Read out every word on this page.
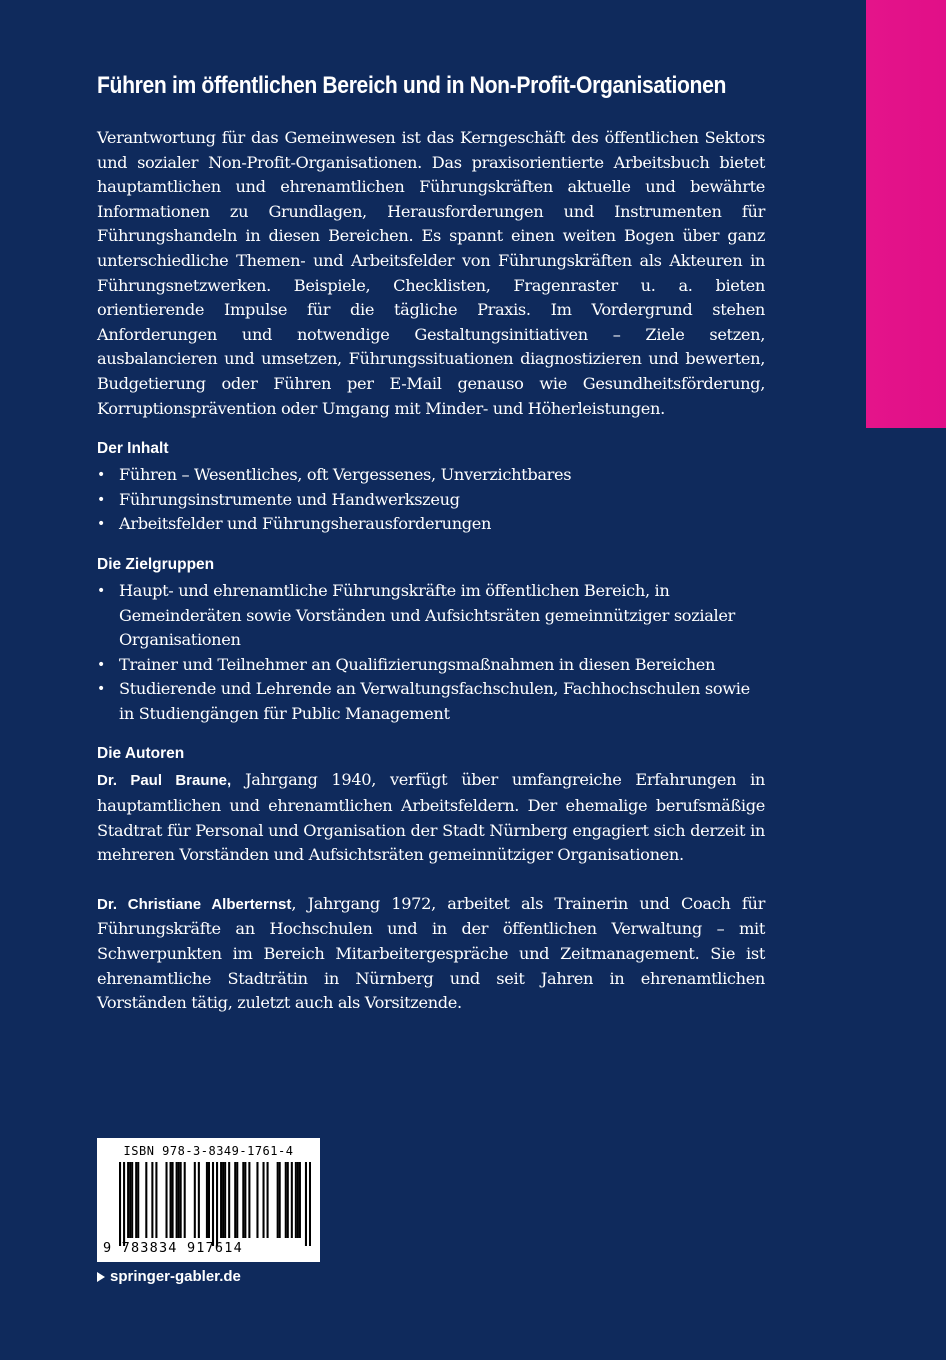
Führen im öffentlichen Bereich und in Non-Profit-Organisationen

Verantwortung für das Gemeinwesen ist das Kerngeschäft des öffentlichen Sektors und sozialer Non-Profit-Organisationen. Das praxisorientierte Arbeitsbuch bietet hauptamtlichen und ehrenamtlichen Führungskräften aktuelle und bewährte Informationen zu Grundlagen, Herausforderungen und Instrumenten für Führungshandeln in diesen Bereichen. Es spannt einen weiten Bogen über ganz unterschiedliche Themen- und Arbeitsfelder von Führungskräften als Akteuren in Führungsnetzwerken. Beispiele, Checklisten, Fragenraster u. a. bieten orientierende Impulse für die tägliche Praxis. Im Vordergrund stehen Anforderungen und notwendige Gestaltungsinitiativen – Ziele setzen, ausbalancieren und umsetzen, Führungssituationen diagnostizieren und bewerten, Budgetierung oder Führen per E-Mail genauso wie Gesundheitsförderung, Korruptionsprävention oder Umgang mit Minder- und Höherleistungen.

Der Inhalt
• Führen – Wesentliches, oft Vergessenes, Unverzichtbares
• Führungsinstrumente und Handwerkszeug
• Arbeitsfelder und Führungsherausforderungen
Die Zielgruppen
• Haupt- und ehrenamtliche Führungskräfte im öffentlichen Bereich, in Gemeinderäten sowie Vorständen und Aufsichtsräten gemeinnütziger sozialer Organisationen
• Trainer und Teilnehmer an Qualifizierungsmaßnahmen in diesen Bereichen
• Studierende und Lehrende an Verwaltungsfachschulen, Fachhochschulen sowie in Studiengängen für Public Management
Die Autoren

Dr. Paul Braune, Jahrgang 1940, verfügt über umfangreiche Erfahrungen in hauptamtlichen und ehrenamtlichen Arbeitsfeldern. Der ehemalige berufsmäßige Stadtrat für Personal und Organisation der Stadt Nürnberg engagiert sich derzeit in mehreren Vorständen und Aufsichtsräten gemeinnütziger Organisationen.

Dr. Christiane Alberternst, Jahrgang 1972, arbeitet als Trainerin und Coach für Führungskräfte an Hochschulen und in der öffentlichen Verwaltung – mit Schwerpunkten im Bereich Mitarbeitergespräche und Zeitmanagement. Sie ist ehrenamtliche Stadträtin in Nürnberg und seit Jahren in ehrenamtlichen Vorständen tätig, zuletzt auch als Vorsitzende.

ISBN 978-3-8349-1761-4
9 783834 917614
springer-gabler.de
